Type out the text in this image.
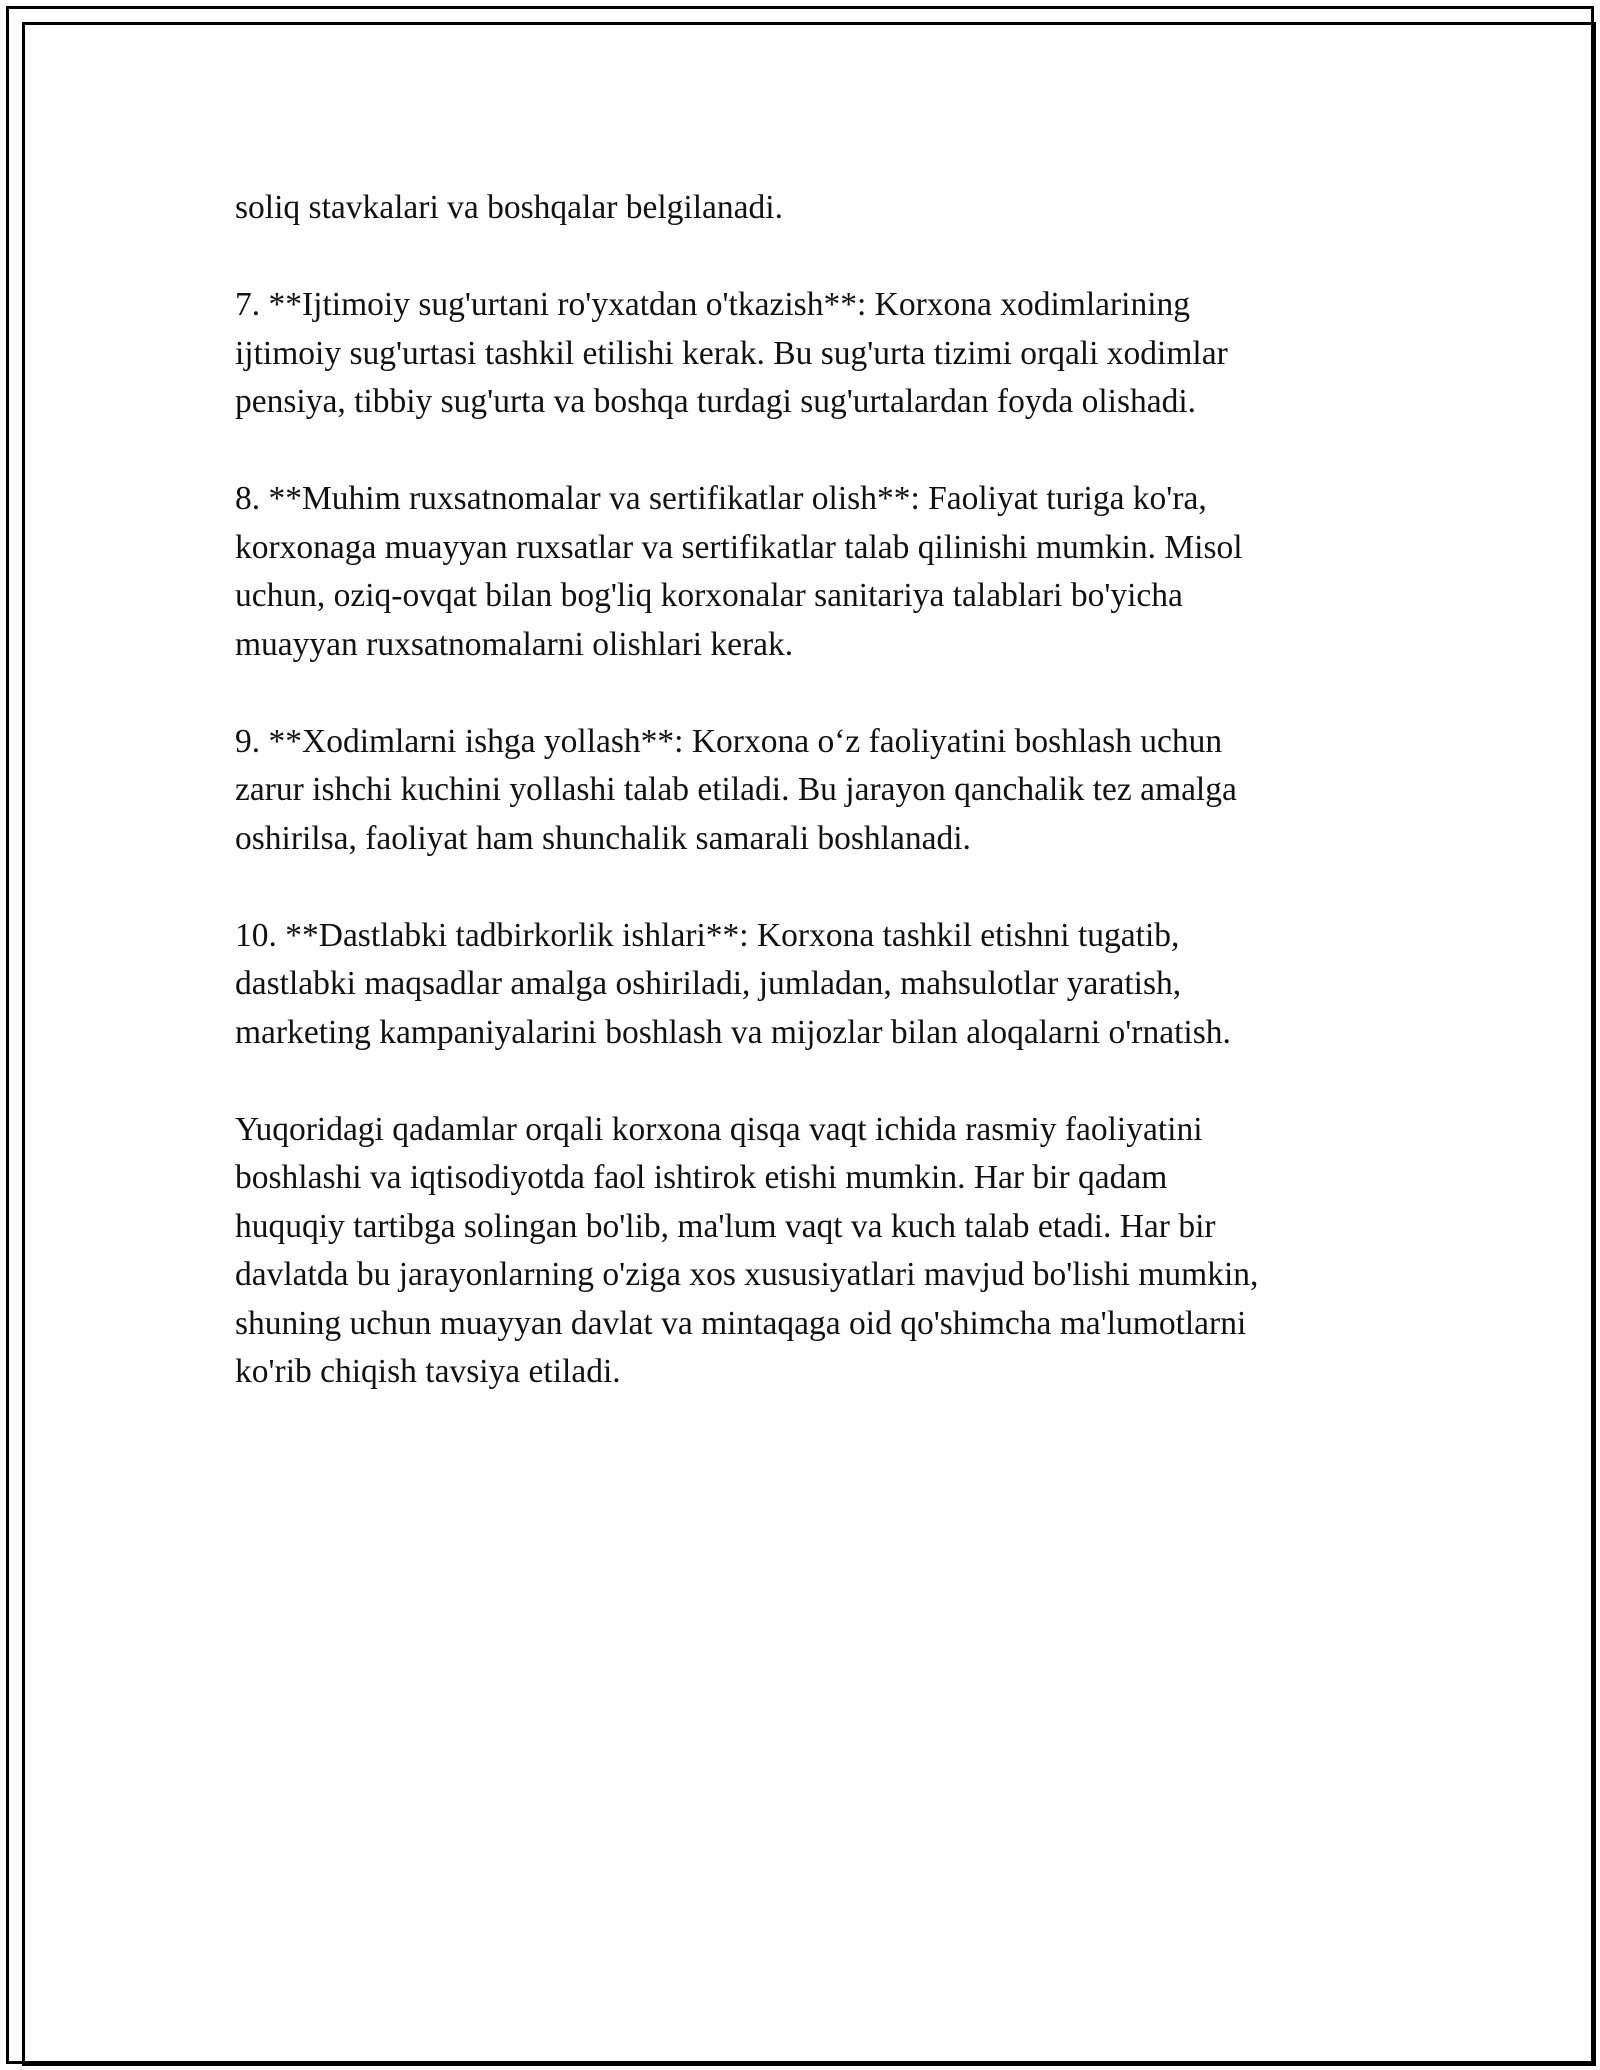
soliq stavkalari va boshqalar belgilanadi.

7. **Ijtimoiy sug'urtani ro'yxatdan o'tkazish**: Korxona xodimlarining
ijtimoiy sug'urtasi tashkil etilishi kerak. Bu sug'urta tizimi orqali xodimlar
pensiya, tibbiy sug'urta va boshqa turdagi sug'urtalardan foyda olishadi.

8. **Muhim ruxsatnomalar va sertifikatlar olish**: Faoliyat turiga ko'ra,
korxonaga muayyan ruxsatlar va sertifikatlar talab qilinishi mumkin. Misol
uchun, oziq-ovqat bilan bog'liq korxonalar sanitariya talablari bo'yicha
muayyan ruxsatnomalarni olishlari kerak.

9. **Xodimlarni ishga yollash**: Korxona o‘z faoliyatini boshlash uchun
zarur ishchi kuchini yollashi talab etiladi. Bu jarayon qanchalik tez amalga
oshirilsa, faoliyat ham shunchalik samarali boshlanadi.

10. **Dastlabki tadbirkorlik ishlari**: Korxona tashkil etishni tugatib,
dastlabki maqsadlar amalga oshiriladi, jumladan, mahsulotlar yaratish,
marketing kampaniyalarini boshlash va mijozlar bilan aloqalarni o'rnatish.

Yuqoridagi qadamlar orqali korxona qisqa vaqt ichida rasmiy faoliyatini
boshlashi va iqtisodiyotda faol ishtirok etishi mumkin. Har bir qadam
huquqiy tartibga solingan bo'lib, ma'lum vaqt va kuch talab etadi. Har bir
davlatda bu jarayonlarning o'ziga xos xususiyatlari mavjud bo'lishi mumkin,
shuning uchun muayyan davlat va mintaqaga oid qo'shimcha ma'lumotlarni
ko'rib chiqish tavsiya etiladi.
